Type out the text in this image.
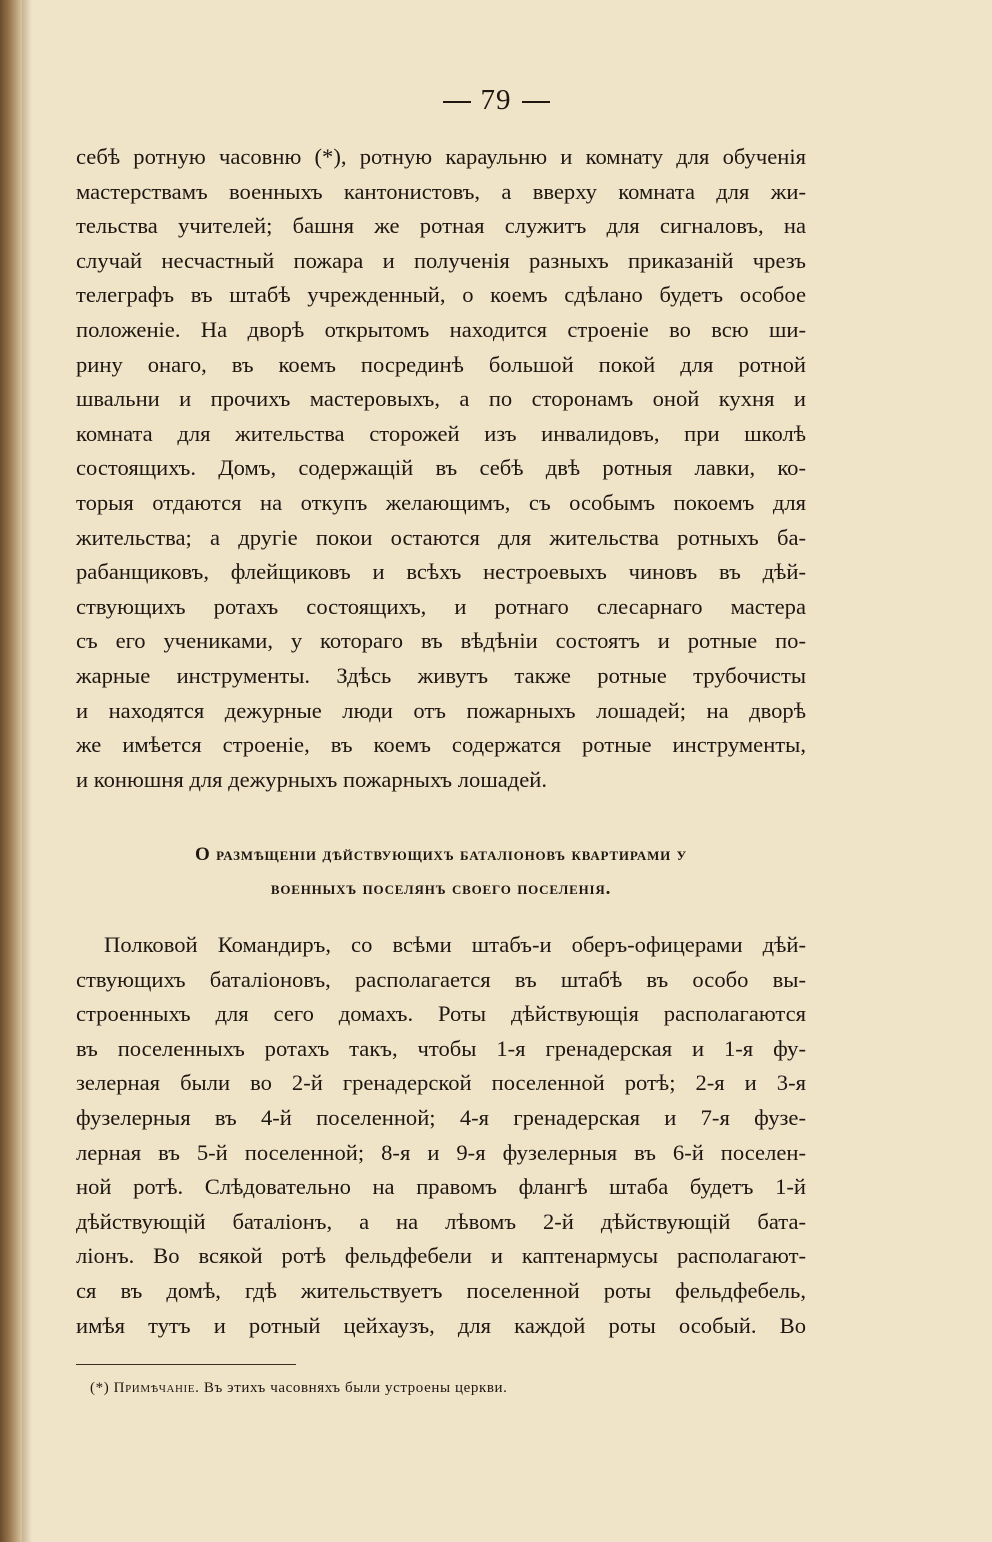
79
себѣ ротную часовню (*), ротную караульню и комнату для обученія
мастерствамъ военныхъ кантонистовъ, а вверху комната для жи-
тельства учителей; башня же ротная служитъ для сигналовъ, на
случай несчастный пожара и полученія разныхъ приказаній чрезъ
телеграфъ въ штабѣ учрежденный, о коемъ сдѣлано будетъ особое
положеніе. На дворѣ открытомъ находится строеніе во всю ши-
рину онаго, въ коемъ посрединѣ большой покой для ротной
швальни и прочихъ мастеровыхъ, а по сторонамъ оной кухня и
комната для жительства сторожей изъ инвалидовъ, при школѣ
состоящихъ. Домъ, содержащій въ себѣ двѣ ротныя лавки, ко-
торыя отдаются на откупъ желающимъ, съ особымъ покоемъ для
жительства; а другіе покои остаются для жительства ротныхъ ба-
рабанщиковъ, флейщиковъ и всѣхъ нестроевыхъ чиновъ въ дѣй-
ствующихъ ротахъ состоящихъ, и ротнаго слесарнаго мастера
съ его учениками, у котораго въ вѣдѣніи состоятъ и ротные по-
жарные инструменты. Здѣсь живутъ также ротные трубочисты
и находятся дежурные люди отъ пожарныхъ лошадей; на дворѣ
же имѣется строеніе, въ коемъ содержатся ротные инструменты,
и конюшня для дежурныхъ пожарныхъ лошадей.
О размѣщеніи дѣйствующихъ баталіоновъ квартирами у
военныхъ поселянъ своего поселенія.
Полковой Командиръ, со всѣми штабъ-и оберъ-офицерами дѣй-
ствующихъ баталіоновъ, располагается въ штабѣ въ особо вы-
строенныхъ для сего домахъ. Роты дѣйствующія располагаются
въ поселенныхъ ротахъ такъ, чтобы 1-я гренадерская и 1-я фу-
зелерная были во 2-й гренадерской поселенной ротѣ; 2-я и 3-я
фузелерныя въ 4-й поселенной; 4-я гренадерская и 7-я фузе-
лерная въ 5-й поселенной; 8-я и 9-я фузелерныя въ 6-й поселен-
ной ротѣ. Слѣдовательно на правомъ флангѣ штаба будетъ 1-й
дѣйствующій баталіонъ, а на лѣвомъ 2-й дѣйствующій бата-
ліонъ. Во всякой ротѣ фельдфебели и каптенармусы располагают-
ся въ домѣ, гдѣ жительствуетъ поселенной роты фельдфебель,
имѣя тутъ и ротный цейхаузъ, для каждой роты особый. Во
(*) Примѣчаніе. Въ этихъ часовняхъ были устроены церкви.
